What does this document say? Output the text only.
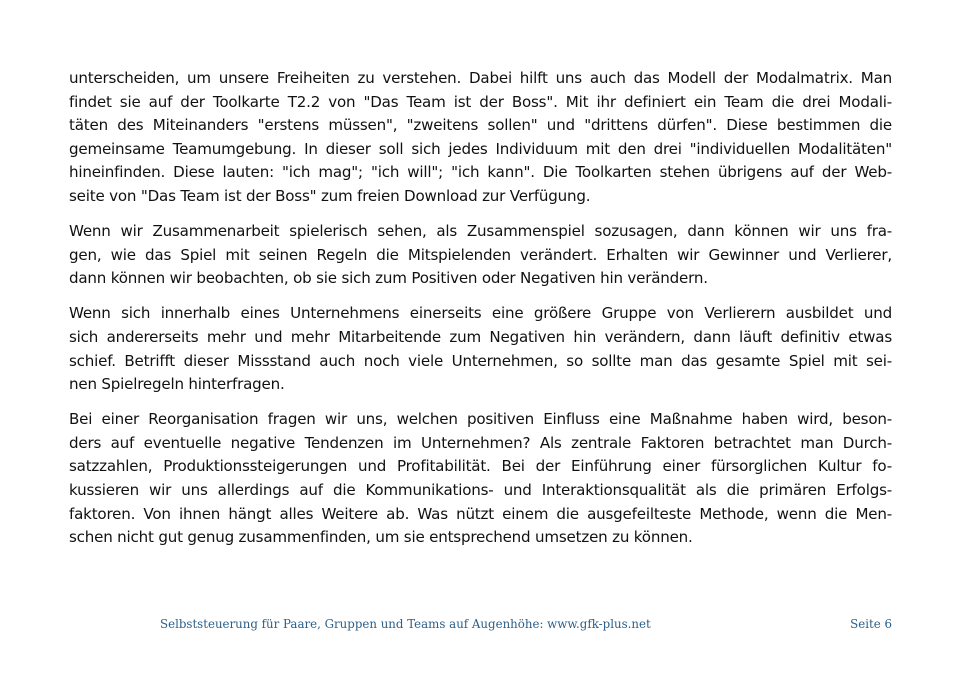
unterscheiden, um unsere Freiheiten zu verstehen. Dabei hilft uns auch das Modell der Modalmatrix. Man
findet sie auf der Toolkarte T2.2 von "Das Team ist der Boss". Mit ihr definiert ein Team die drei Modali-
täten des Miteinanders "erstens müssen", "zweitens sollen" und "drittens dürfen". Diese bestimmen die
gemeinsame Teamumgebung. In dieser soll sich jedes Individuum mit den drei "individuellen Modalitäten"
hineinfinden. Diese lauten: "ich mag"; "ich will"; "ich kann". Die Toolkarten stehen übrigens auf der Web-
seite von "Das Team ist der Boss" zum freien Download zur Verfügung.
Wenn wir Zusammenarbeit spielerisch sehen, als Zusammenspiel sozusagen, dann können wir uns fra-
gen, wie das Spiel mit seinen Regeln die Mitspielenden verändert. Erhalten wir Gewinner und Verlierer,
dann können wir beobachten, ob sie sich zum Positiven oder Negativen hin verändern.
Wenn sich innerhalb eines Unternehmens einerseits eine größere Gruppe von Verlierern ausbildet und
sich andererseits mehr und mehr Mitarbeitende zum Negativen hin verändern, dann läuft definitiv etwas
schief. Betrifft dieser Missstand auch noch viele Unternehmen, so sollte man das gesamte Spiel mit sei-
nen Spielregeln hinterfragen.
Bei einer Reorganisation fragen wir uns, welchen positiven Einfluss eine Maßnahme haben wird, beson-
ders auf eventuelle negative Tendenzen im Unternehmen? Als zentrale Faktoren betrachtet man Durch-
satzzahlen, Produktionssteigerungen und Profitabilität. Bei der Einführung einer fürsorglichen Kultur fo-
kussieren wir uns allerdings auf die Kommunikations- und Interaktionsqualität als die primären Erfolgs-
faktoren. Von ihnen hängt alles Weitere ab. Was nützt einem die ausgefeilteste Methode, wenn die Men-
schen nicht gut genug zusammenfinden, um sie entsprechend umsetzen zu können.
Selbststeuerung für Paare, Gruppen und Teams auf Augenhöhe: www.gfk-plus.net	Seite 6
